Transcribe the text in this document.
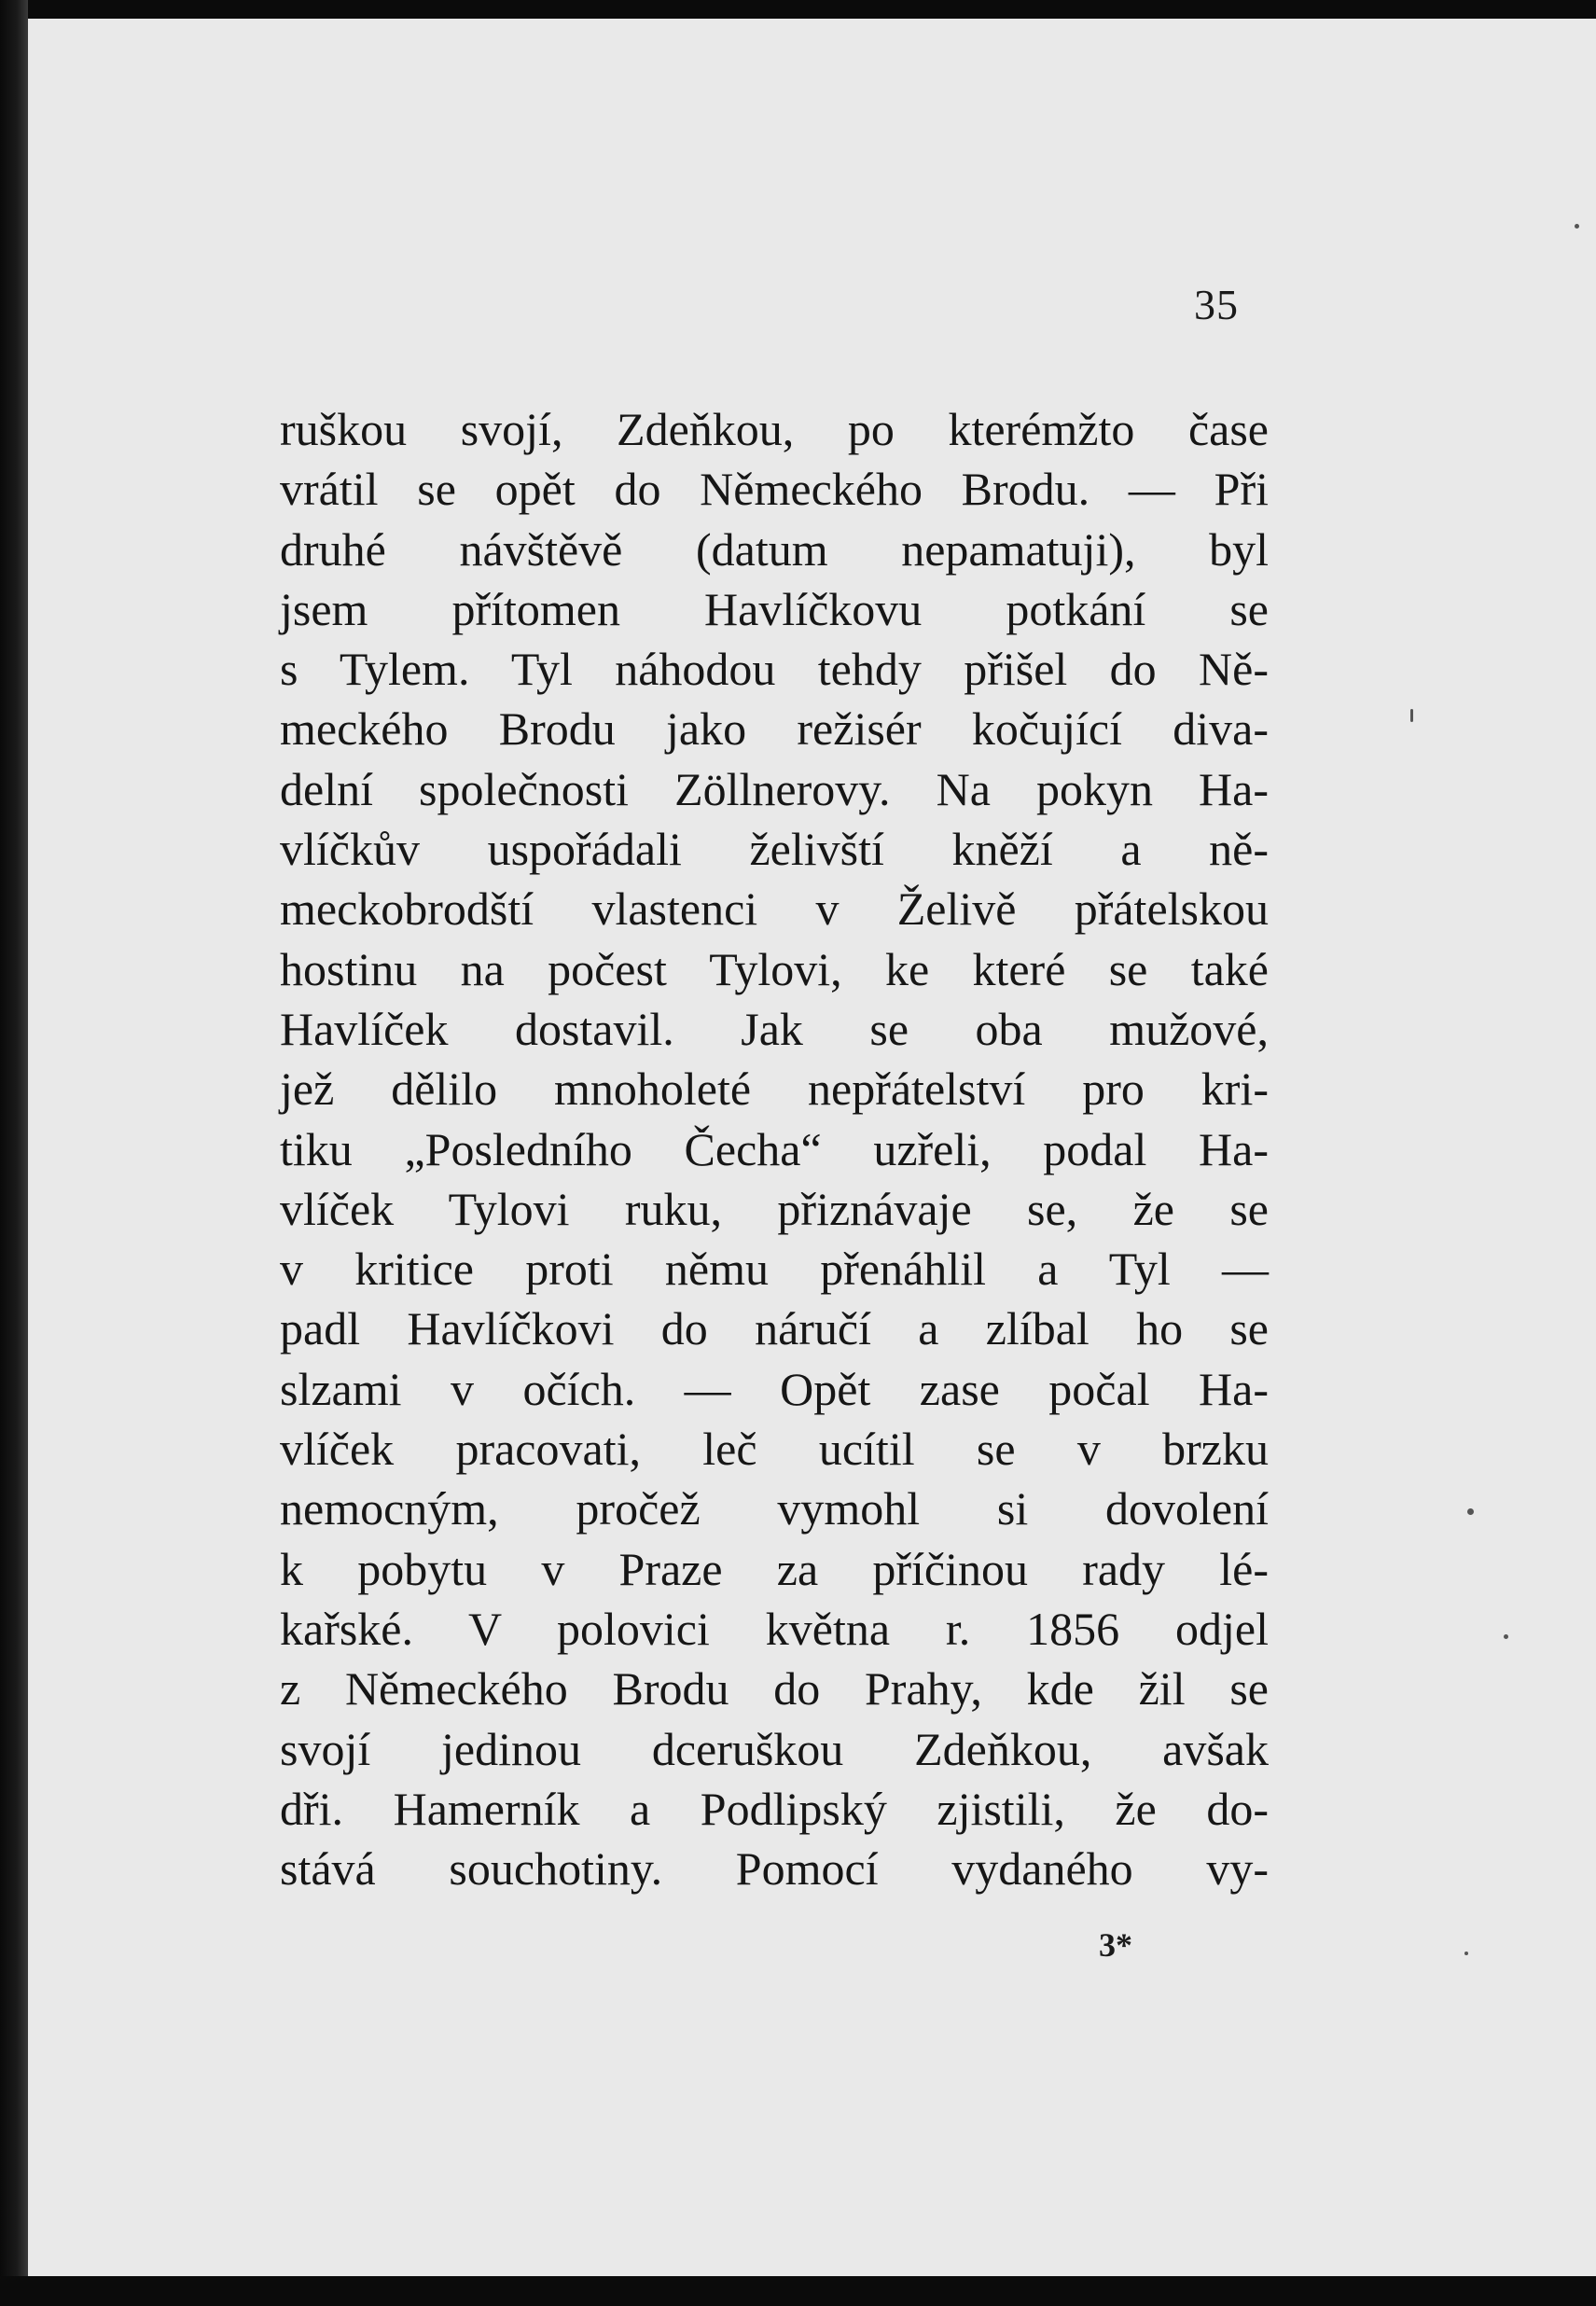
35
ruškou svojí, Zdeňkou, po kterémžto čase
vrátil se opět do Německého Brodu. — Při
druhé návštěvě (datum nepamatuji), byl
jsem přítomen Havlíčkovu potkání se
s Tylem. Tyl náhodou tehdy přišel do Ně-
meckého Brodu jako režisér kočující diva-
delní společnosti Zöllnerovy. Na pokyn Ha-
vlíčkův uspořádali želivští kněží a ně-
meckobrodští vlastenci v Želivě přátelskou
hostinu na počest Tylovi, ke které se také
Havlíček dostavil. Jak se oba mužové,
jež dělilo mnoholeté nepřátelství pro kri-
tiku „Posledního Čecha“ uzřeli, podal Ha-
vlíček Tylovi ruku, přiznávaje se, že se
v kritice proti němu přenáhlil a Tyl —
padl Havlíčkovi do náručí a zlíbal ho se
slzami v očích. — Opět zase počal Ha-
vlíček pracovati, leč ucítil se v brzku
nemocným, pročež vymohl si dovolení
k pobytu v Praze za příčinou rady lé-
kařské. V polovici května r. 1856 odjel
z Německého Brodu do Prahy, kde žil se
svojí jedinou dceruškou Zdeňkou, avšak
dři. Hamerník a Podlipský zjistili, že do-
stává souchotiny. Pomocí vydaného vy-
3*
